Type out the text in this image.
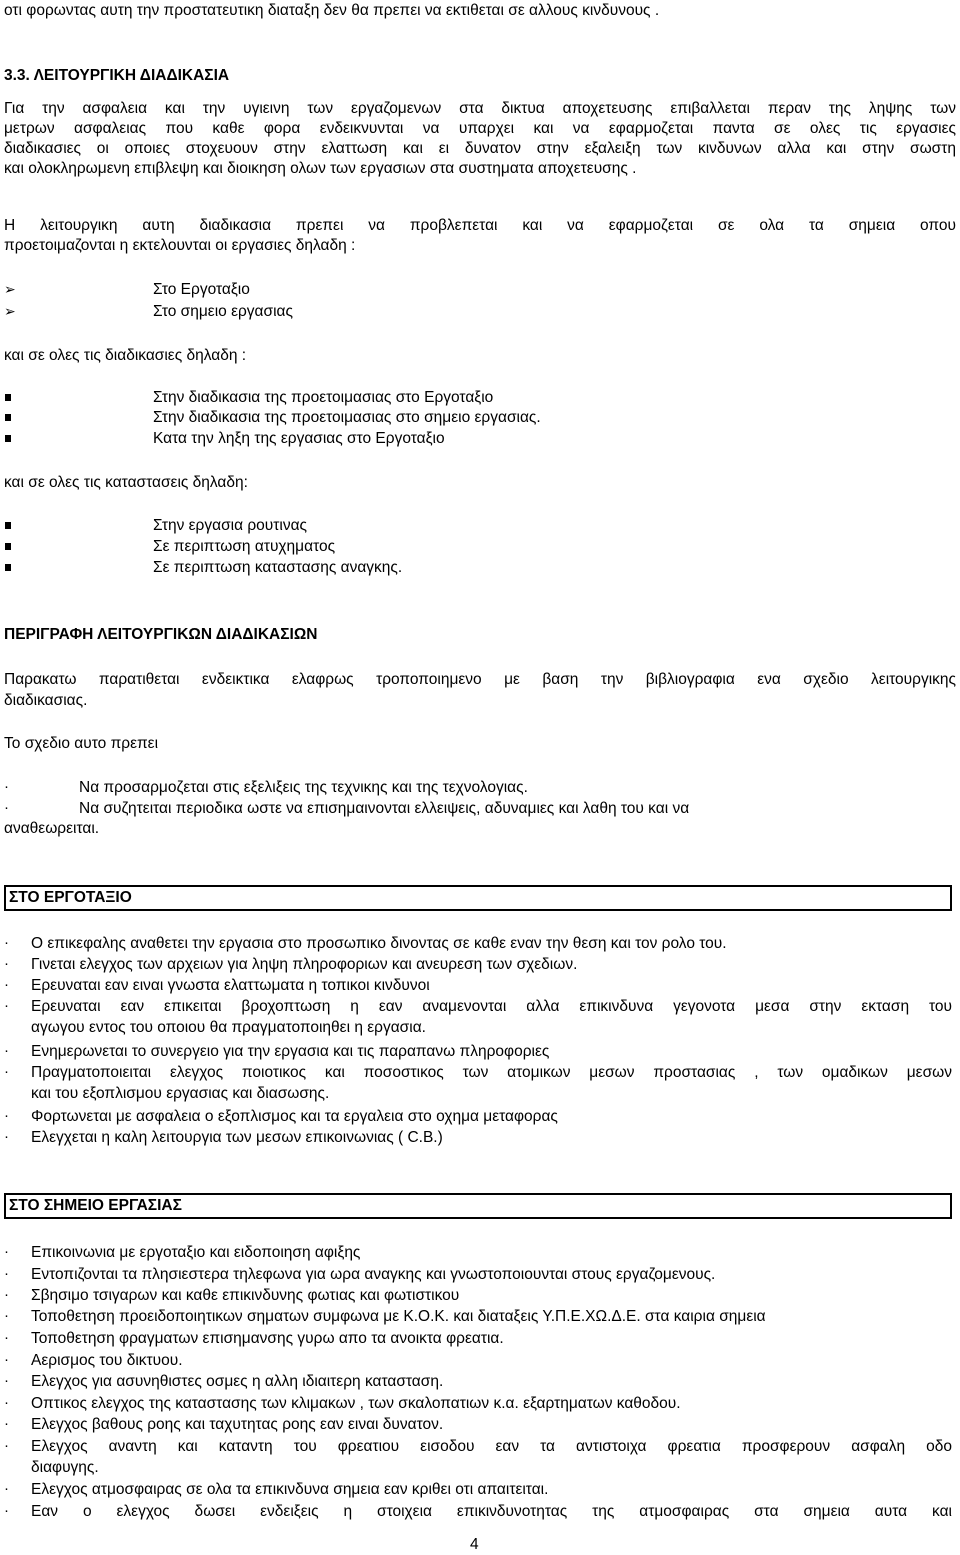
οτι φορωντας αυτη την προστατευτικη διαταξη δεν θα πρεπει να εκτιθεται σε αλλους κινδυνους .
3.3. ΛΕΙΤΟΥΡΓΙΚΗ ΔΙΑΔΙΚΑΣΙΑ
Για την ασφαλεια και την υγιεινη των εργαζομενων στα δικτυα αποχετευσης επιβαλλεται περαν της ληψης των
μετρων ασφαλειας που καθε φορα ενδεικνυνται να υπαρχει και να εφαρμοζεται παντα σε ολες τις εργασιες
διαδικασιες οι οποιες στοχευουν στην ελαττωση και ει δυνατον στην εξαλειξη των κινδυνων αλλα και στην σωστη
και ολοκληρωμενη επιβλεψη και διοικηση ολων των εργασιων στα συστηματα αποχετευσης .
Η λειτουργικη αυτη διαδικασια πρεπει να προβλεπεται και να εφαρμοζεται σε ολα τα σημεια οπου
προετοιμαζονται η εκτελουνται οι εργασιες δηλαδη :
➢	Στο Εργοταξιο
➢	Στο σημειο εργασιας
και σε ολες τις διαδικασιες δηλαδη :
Στην διαδικασια της προετοιμασιας στο Εργοταξιο
Στην διαδικασια της προετοιμασιας στο σημειο εργασιας.
Κατα την ληξη της εργασιας στο Εργοταξιο
και σε ολες τις καταστασεις δηλαδη:
Στην εργασια ρουτινας
Σε περιπτωση ατυχηματος
Σε περιπτωση καταστασης αναγκης.
ΠΕΡΙΓΡΑΦΗ ΛΕΙΤΟΥΡΓΙΚΩΝ ΔΙΑΔΙΚΑΣΙΩΝ
Παρακατω παρατιθεται ενδεικτικα ελαφρως τροποποιημενο με βαση την βιβλιογραφια ενα σχεδιο λειτουργικης
διαδικασιας.
Το σχεδιο αυτο πρεπει
·	Να προσαρμοζεται στις εξελιξεις της τεχνικης και της τεχνολογιας.
·	Να συζητειται περιοδικα ωστε να επισημαινονται ελλειψεις, αδυναμιες και λαθη του και να
αναθεωρειται.
ΣΤΟ ΕΡΓΟΤΑΞΙΟ
· Ο επικεφαλης αναθετει την εργασια στο προσωπικο δινοντας σε καθε εναν την θεση και τον ρολο του.
· Γινεται ελεγχος των αρχειων για ληψη πληροφοριων και ανευρεση των σχεδιων.
· Ερευναται εαν ειναι γνωστα ελαττωματα η τοπικοι κινδυνοι
· Ερευναται εαν επικειται βροχοπτωση η εαν αναμενονται αλλα επικινδυνα γεγονοτα μεσα στην εκταση του
αγωγου εντος του οποιου θα πραγματοποιηθει η εργασια.
· Ενημερωνεται το συνεργειο για την εργασια και τις παραπανω πληροφοριες
· Πραγματοποιειται ελεγχος ποιοτικος και ποσοστικος των ατομικων μεσων προστασιας , των ομαδικων μεσων
και του εξοπλισμου εργασιας και διασωσης.
· Φορτωνεται με ασφαλεια ο εξοπλισμος και τα εργαλεια στο οχημα μεταφορας
· Ελεγχεται η καλη λειτουργια των μεσων επικοινωνιας ( C.B.)
ΣΤΟ ΣΗΜΕΙΟ ΕΡΓΑΣΙΑΣ
· Επικοινωνια με εργοταξιο και ειδοποιηση αφιξης
· Εντοπιζονται τα πλησιεστερα τηλεφωνα για ωρα αναγκης και γνωστοποιουνται στους εργαζομενους.
· Σβησιμο τσιγαρων και καθε επικινδυνης φωτιας και φωτιστικου
· Τοποθετηση προειδοποιητικων σηματων συμφωνα με Κ.Ο.Κ. και διαταξεις Υ.Π.Ε.ΧΩ.Δ.Ε. στα καιρια σημεια
· Τοποθετηση φραγματων επισημανσης γυρω απο τα ανοικτα φρεατια.
· Αερισμος του δικτυου.
· Ελεγχος για ασυνηθιστες οσμες η αλλη ιδιαιτερη κατασταση.
· Οπτικος ελεγχος της καταστασης των κλιμακων , των σκαλοπατιων κ.α. εξαρτηματων καθοδου.
· Ελεγχος βαθους ροης και ταχυτητας ροης εαν ειναι δυνατον.
· Ελεγχος αναντη και καταντη του φρεατιου εισοδου εαν τα αντιστοιχα φρεατια προσφερουν ασφαλη οδο
διαφυγης.
· Ελεγχος ατμοσφαιρας σε ολα τα επικινδυνα σημεια εαν κριθει οτι απαιτειται.
· Εαν ο ελεγχος δωσει ενδειξεις η στοιχεια επικινδυνοτητας της ατμοσφαιρας στα σημεια αυτα και
4
